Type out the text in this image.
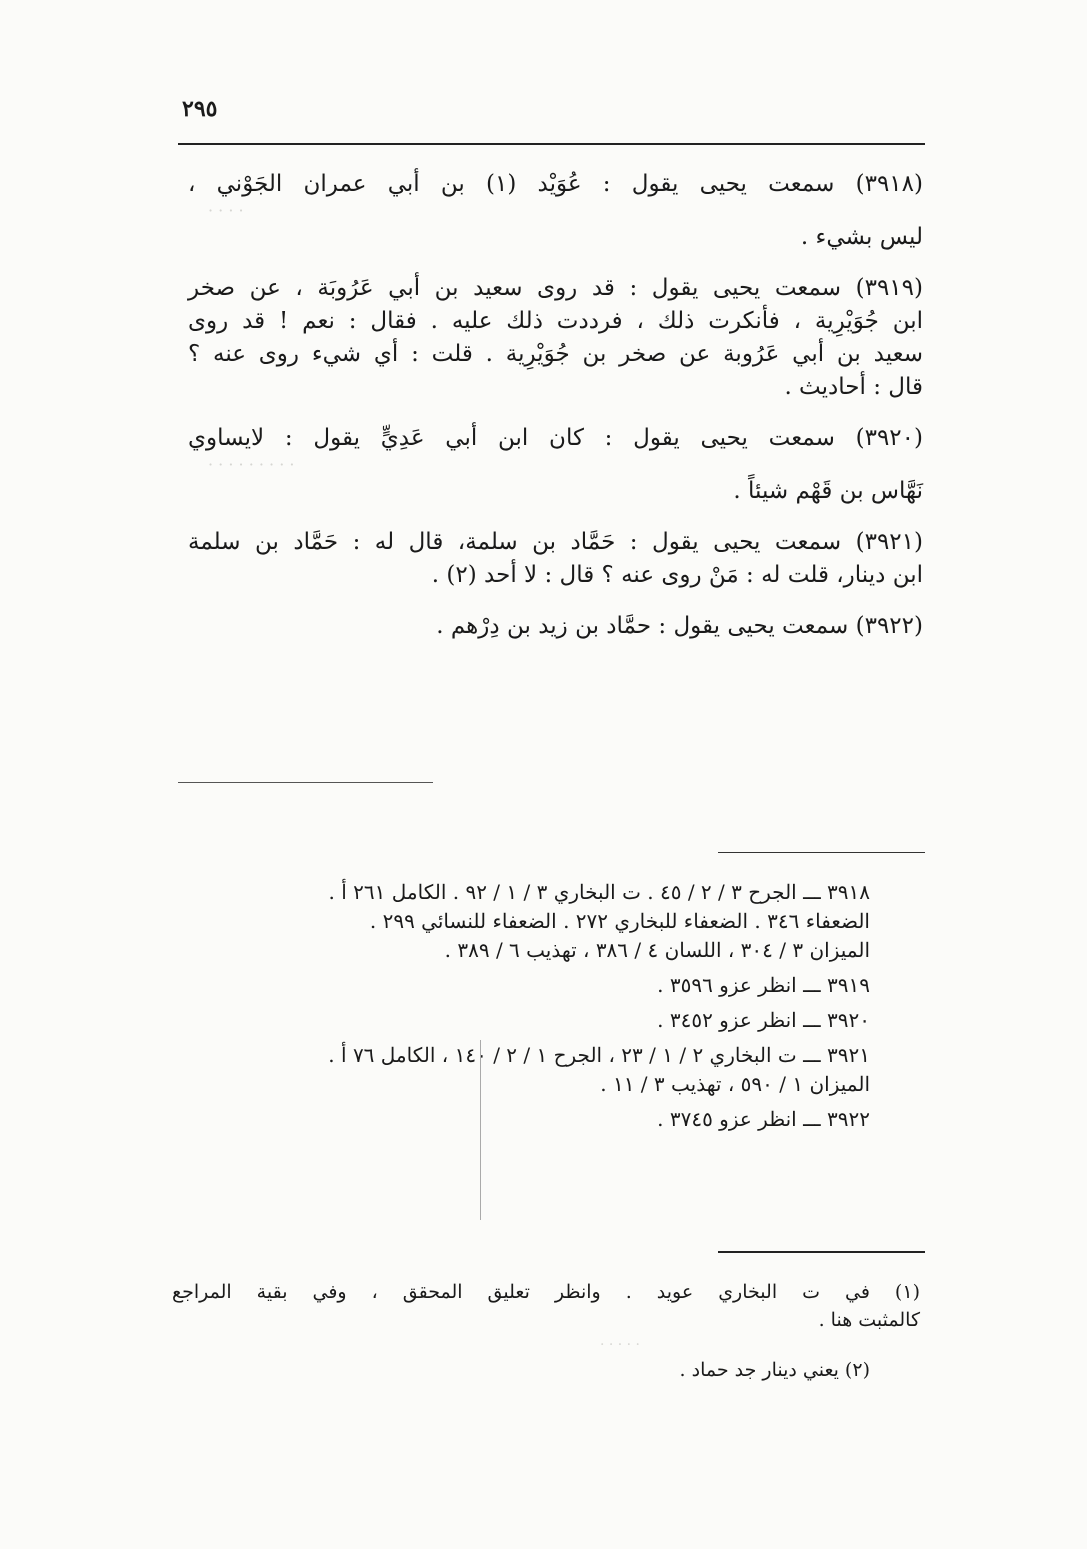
٢٩٥
(٣٩١٨) سمعت يحيى يقول : عُوَيْد (١) بن أبي عمران الجَوْني ،
· · · ·
ليس بشيء .
(٣٩١٩) سمعت يحيى يقول : قد روى سعيد بن أبي عَرُوبَة ، عن صخر
ابن جُوَيْرِية ، فأنكرت ذلك ، فرددت ذلك عليه . فقال : نعم ! قد روى
سعيد بن أبي عَرُوبة عن صخر بن جُوَيْرِية . قلت : أي شيء روى عنه ؟
قال : أحاديث .
(٣٩٢٠) سمعت يحيى يقول : كان ابن أبي عَدِيٍّ يقول : لايساوي
· · · · · · · · ·
نَهَّاس بن قَهْم شيئاً .
(٣٩٢١) سمعت يحيى يقول : حَمَّاد بن سلمة، قال له : حَمَّاد بن سلمة
ابن دينار، قلت له : مَنْ روى عنه ؟ قال : لا أحد (٢) .
(٣٩٢٢) سمعت يحيى يقول : حمَّاد بن زيد بن دِرْهم .
٣٩١٨ ـــ الجرح ٣ / ٢ / ٤٥ . ت البخاري ٣ / ١ / ٩٢ . الكامل ٢٦١ أ .
الضعفاء ٣٤٦ . الضعفاء للبخاري ٢٧٢ . الضعفاء للنسائي ٢٩٩ .
الميزان ٣ / ٣٠٤ ، اللسان ٤ / ٣٨٦ ، تهذيب ٦ / ٣٨٩ .
٣٩١٩ ـــ انظر عزو ٣٥٩٦ .
٣٩٢٠ ـــ انظر عزو ٣٤٥٢ .
٣٩٢١ ـــ ت البخاري ٢ / ١ / ٢٣ ، الجرح ١ / ٢ / ١٤٠ ، الكامل ٧٦ أ .
الميزان ١ / ٥٩٠ ، تهذيب ٣ / ١١ .
٣٩٢٢ ـــ انظر عزو ٣٧٤٥ .
(١) في ت البخاري عويد . وانظر تعليق المحقق ، وفي بقية المراجع
كالمثبت هنا .
· · · · ·
(٢) يعني دينار جد حماد .
